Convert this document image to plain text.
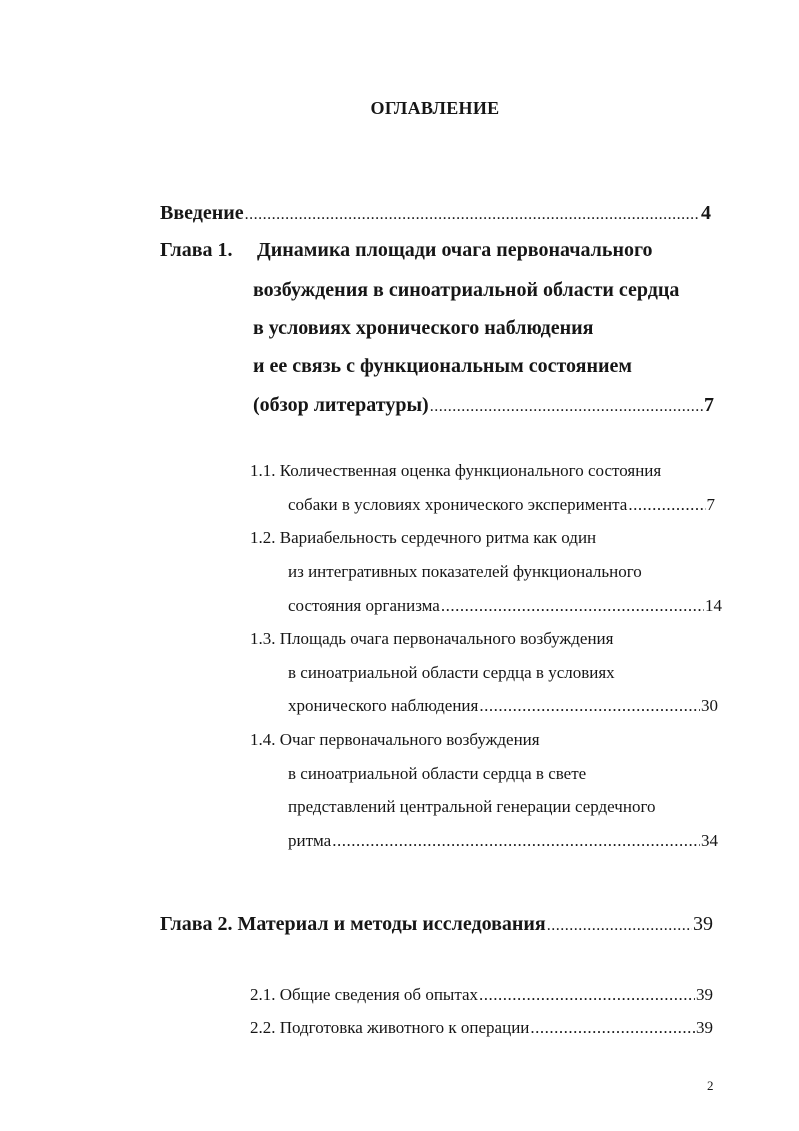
ОГЛАВЛЕНИЕ
Введение .....	4
Глава 1.	Динамика площади очага первоначального
возбуждения в синоатриальной области сердца
в условиях хронического наблюдения
и ее связь с функциональным состоянием
(обзор литературы) .....	7
1.1. Количественная оценка функционального состояния
собаки в условиях хронического эксперимента .....	7
1.2. Вариабельность сердечного ритма как один
из интегративных показателей функционального
состояния организма .....	14
1.3. Площадь очага первоначального возбуждения
в синоатриальной области сердца в условиях
хронического наблюдения .....	30
1.4. Очаг первоначального возбуждения
в синоатриальной области сердца в свете
представлений центральной генерации сердечного
ритма .....	34
Глава 2. Материал и методы исследования .....	39
2.1. Общие сведения об опытах .....	39
2.2. Подготовка животного к операции .....	39
2
